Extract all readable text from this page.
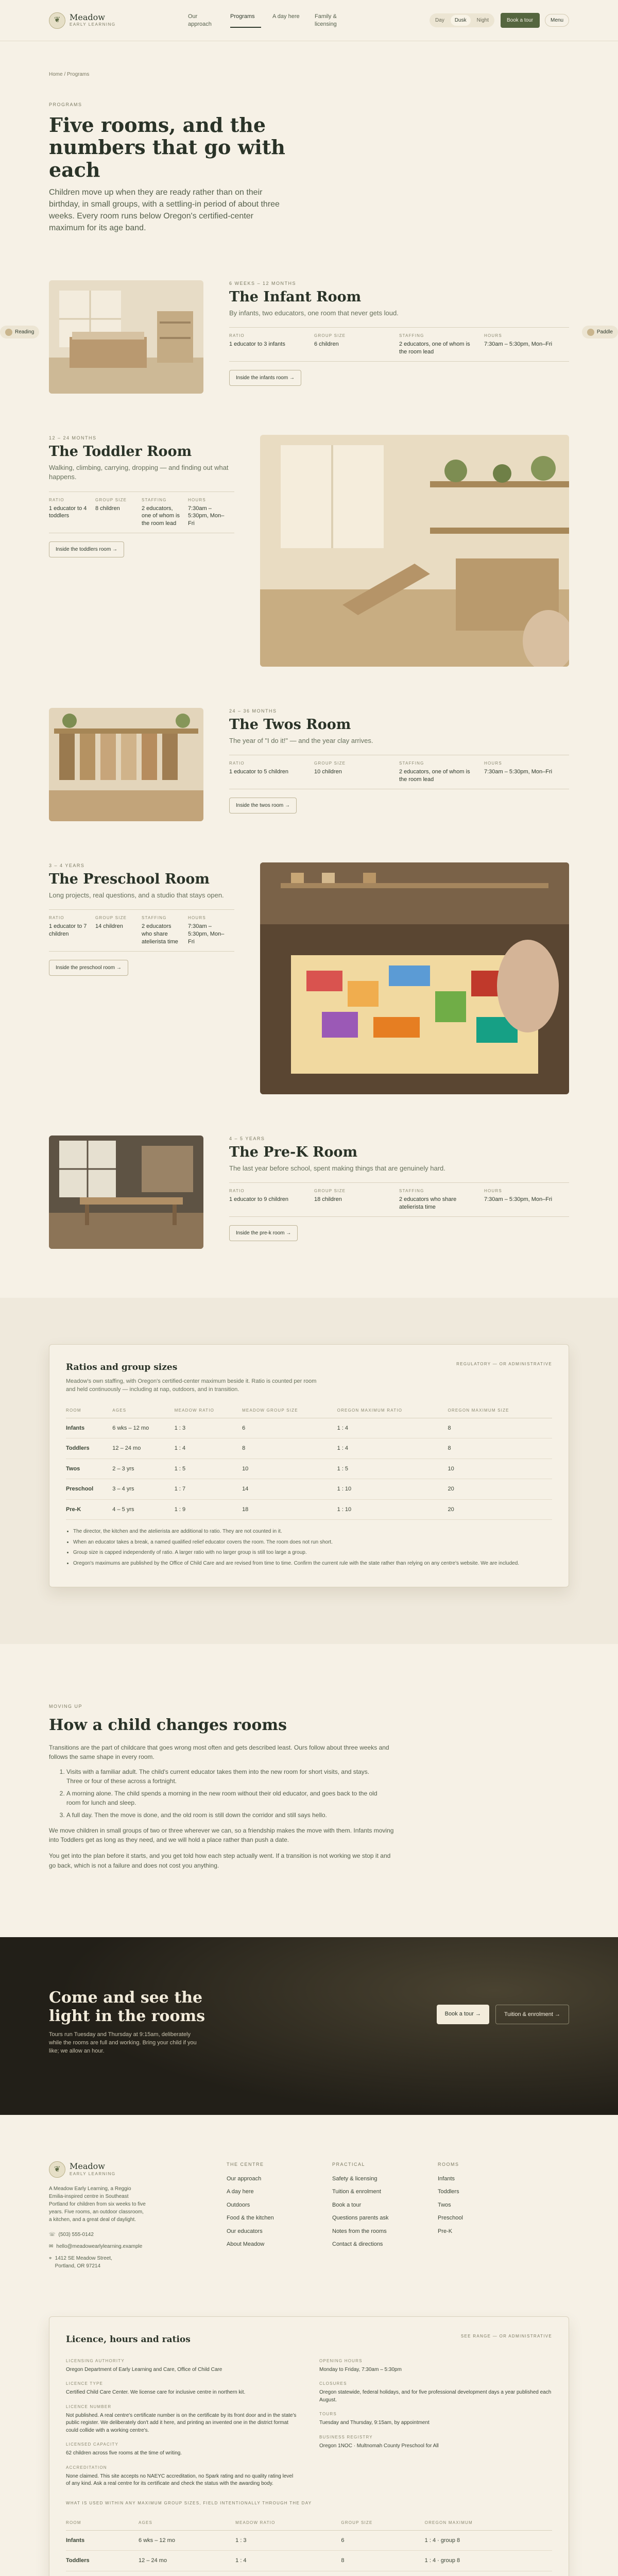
❦	Meadow
EARLY LEARNING
Our approach
Programs	A day here	Family & licensing
Day	Dusk	Night	Book a tour	Menu
Home / Programs
PROGRAMS
Five rooms, and the numbers that go with each

Children move up when they are ready rather than on their birthday, in small groups, with a settling-in period of about three weeks. Every room runs below Oregon's certified-center maximum for its age band.

Reading	Paddle
6 WEEKS – 12 MONTHS
The Infant Room
By infants, two educators, one room that never gets loud.
RATIO
1 educator to 3 infants
GROUP SIZE
6 children
STAFFING
2 educators, one of whom is the room lead
HOURS
7:30am – 5:30pm, Mon–Fri
Inside the infants room →
12 – 24 MONTHS
The Toddler Room
Walking, climbing, carrying, dropping — and finding out what happens.
RATIO
1 educator to 4 toddlers
GROUP SIZE
8 children
STAFFING
2 educators, one of whom is the room lead
HOURS
7:30am – 5:30pm, Mon–Fri
Inside the toddlers room →
24 – 36 MONTHS
The Twos Room
The year of "I do it!" — and the year clay arrives.
RATIO
1 educator to 5 children
GROUP SIZE
10 children
STAFFING
2 educators, one of whom is the room lead
HOURS
7:30am – 5:30pm, Mon–Fri
Inside the twos room →
3 – 4 YEARS
The Preschool Room
Long projects, real questions, and a studio that stays open.
RATIO
1 educator to 7 children
GROUP SIZE
14 children
STAFFING
2 educators who share atelierista time
HOURS
7:30am – 5:30pm, Mon–Fri
Inside the preschool room →
4 – 5 YEARS
The Pre-K Room
The last year before school, spent making things that are genuinely hard.
RATIO
1 educator to 9 children
GROUP SIZE
18 children
STAFFING
2 educators who share atelierista time
HOURS
7:30am – 5:30pm, Mon–Fri
Inside the pre-k room →
Ratios and group sizes
Meadow's own staffing, with Oregon's certified-center maximum beside it. Ratio is counted per room and held continuously — including at nap, outdoors, and in transition.
REGULATORY — OR ADMINISTRATIVE
ROOM	AGES	MEADOW RATIO	MEADOW GROUP SIZE	OREGON MAXIMUM RATIO	OREGON MAXIMUM SIZE
Infants	6 wks – 12 mo	1 : 3	6	1 : 4	8
Toddlers	12 – 24 mo	1 : 4	8	1 : 4	8
Twos	2 – 3 yrs	1 : 5	10	1 : 5	10
Preschool	3 – 4 yrs	1 : 7	14	1 : 10	20
Pre-K	4 – 5 yrs	1 : 9	18	1 : 10	20
• The director, the kitchen and the atelierista are additional to ratio. They are not counted in it.
• When an educator takes a break, a named qualified relief educator covers the room. The room does not run short.
• Group size is capped independently of ratio. A larger ratio with no larger group is still too large a group.
• Oregon's maximums are published by the Office of Child Care and are revised from time to time. Confirm the current rule with the state rather than relying on any centre's website. We are included.
MOVING UP
How a child changes rooms

Transitions are the part of childcare that goes wrong most often and gets described least. Ours follow about three weeks and follows the same shape in every room.

1. Visits with a familiar adult. The child's current educator takes them into the new room for short visits, and stays. Three or four of these across a fortnight.
2. A morning alone. The child spends a morning in the new room without their old educator, and goes back to the old room for lunch and sleep.
3. A full day. Then the move is done, and the old room is still down the corridor and still says hello.

We move children in small groups of two or three wherever we can, so a friendship makes the move with them. Infants moving into Toddlers get as long as they need, and we will hold a place rather than push a date.

You get into the plan before it starts, and you get told how each step actually went. If a transition is not working we stop it and go back, which is not a failure and does not cost you anything.

Come and see the light in the rooms

Tours run Tuesday and Thursday at 9:15am, deliberately while the rooms are full and working. Bring your child if you like; we allow an hour.

Book a tour →	Tuition & enrolment →
❦	Meadow
EARLY LEARNING

A Meadow Early Learning, a Reggio Emilia-inspired centre in Southeast Portland for children from six weeks to five years. Five rooms, an outdoor classroom, a kitchen, and a great deal of daylight.

☏ (503) 555-0142
✉ hello@meadowearlylearning.example
⌖ 1412 SE Meadow Street, Portland, OR 97214
THE CENTRE
Our approach
A day here
Outdoors
Food & the kitchen
Our educators
About Meadow
PRACTICAL
Safety & licensing
Tuition & enrolment
Book a tour
Questions parents ask
Notes from the rooms
Contact & directions
ROOMS
Infants
Toddlers
Twos
Preschool
Pre-K
Licence, hours and ratios	SEE RANGE — OR ADMINISTRATIVE
LICENSING AUTHORITY
Oregon Department of Early Learning and Care, Office of Child Care
LICENCE TYPE
Certified Child Care Center. We license care for inclusive centre in northern kit.
LICENCE NUMBER
Not published. A real centre's certificate number is on the certificate by its front door and in the state's public register. We deliberately don't add it here, and printing an invented one in the district format could collide with a working centre's.
LICENSED CAPACITY
62 children across five rooms at the time of writing.
ACCREDITATION
None claimed. This site accepts no NAEYC accreditation, no Spark rating and no quality rating level of any kind. Ask a real centre for its certificate and check the status with the awarding body.
OPENING HOURS
Monday to Friday, 7:30am – 5:30pm
CLOSURES
Oregon statewide, federal holidays, and for five professional development days a year published each August.
TOURS
Tuesday and Thursday, 9:15am, by appointment
BUSINESS REGISTRY
Oregon 1NOC · Multnomah County Preschool for All
WHAT IS USED WITHIN ANY MAXIMUM GROUP SIZES, FIELD INTENTIONALLY THROUGH THE DAY
ROOM	AGES	MEADOW RATIO	GROUP SIZE	OREGON MAXIMUM
Infants	6 wks – 12 mo	1 : 3	6	1 : 4 · group 8
Toddlers	12 – 24 mo	1 : 4	8	1 : 4 · group 8
